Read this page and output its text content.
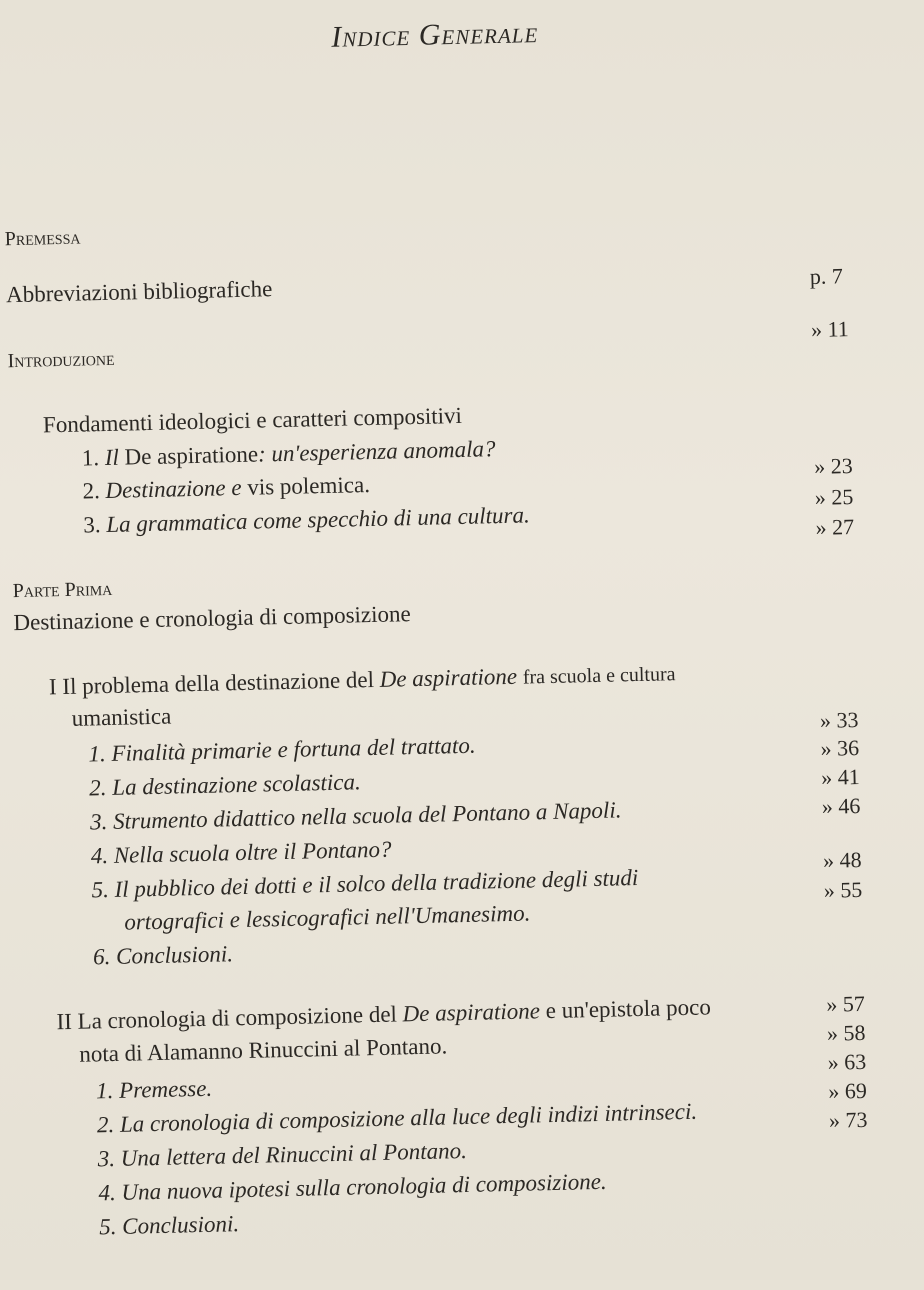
​
Indice Generale
Premessa
Abbreviazioni bibliografiche
p. 7
Introduzione
» 11
Fondamenti ideologici e caratteri compositivi
1. Il De aspiratione: un'esperienza anomala?
2. Destinazione e vis polemica.
» 23
3. La grammatica come specchio di una cultura.
» 25
» 27
Parte Prima
Destinazione e cronologia di composizione
I Il problema della destinazione del De aspiratione fra scuola e cultura
umanistica
1. Finalità primarie e fortuna del trattato.
» 33
2. La destinazione scolastica.
» 36
3. Strumento didattico nella scuola del Pontano a Napoli.
» 41
4. Nella scuola oltre il Pontano?
» 46
5. Il pubblico dei dotti e il solco della tradizione degli studi
ortografici e lessicografici nell'Umanesimo.
» 48
» 55
6. Conclusioni.
II La cronologia di composizione del De aspiratione e un'epistola poco
nota di Alamanno Rinuccini al Pontano.
» 57
» 58
1. Premesse.
» 63
2. La cronologia di composizione alla luce degli indizi intrinseci.
» 69
3. Una lettera del Rinuccini al Pontano.
» 73
4. Una nuova ipotesi sulla cronologia di composizione.
5. Conclusioni.
